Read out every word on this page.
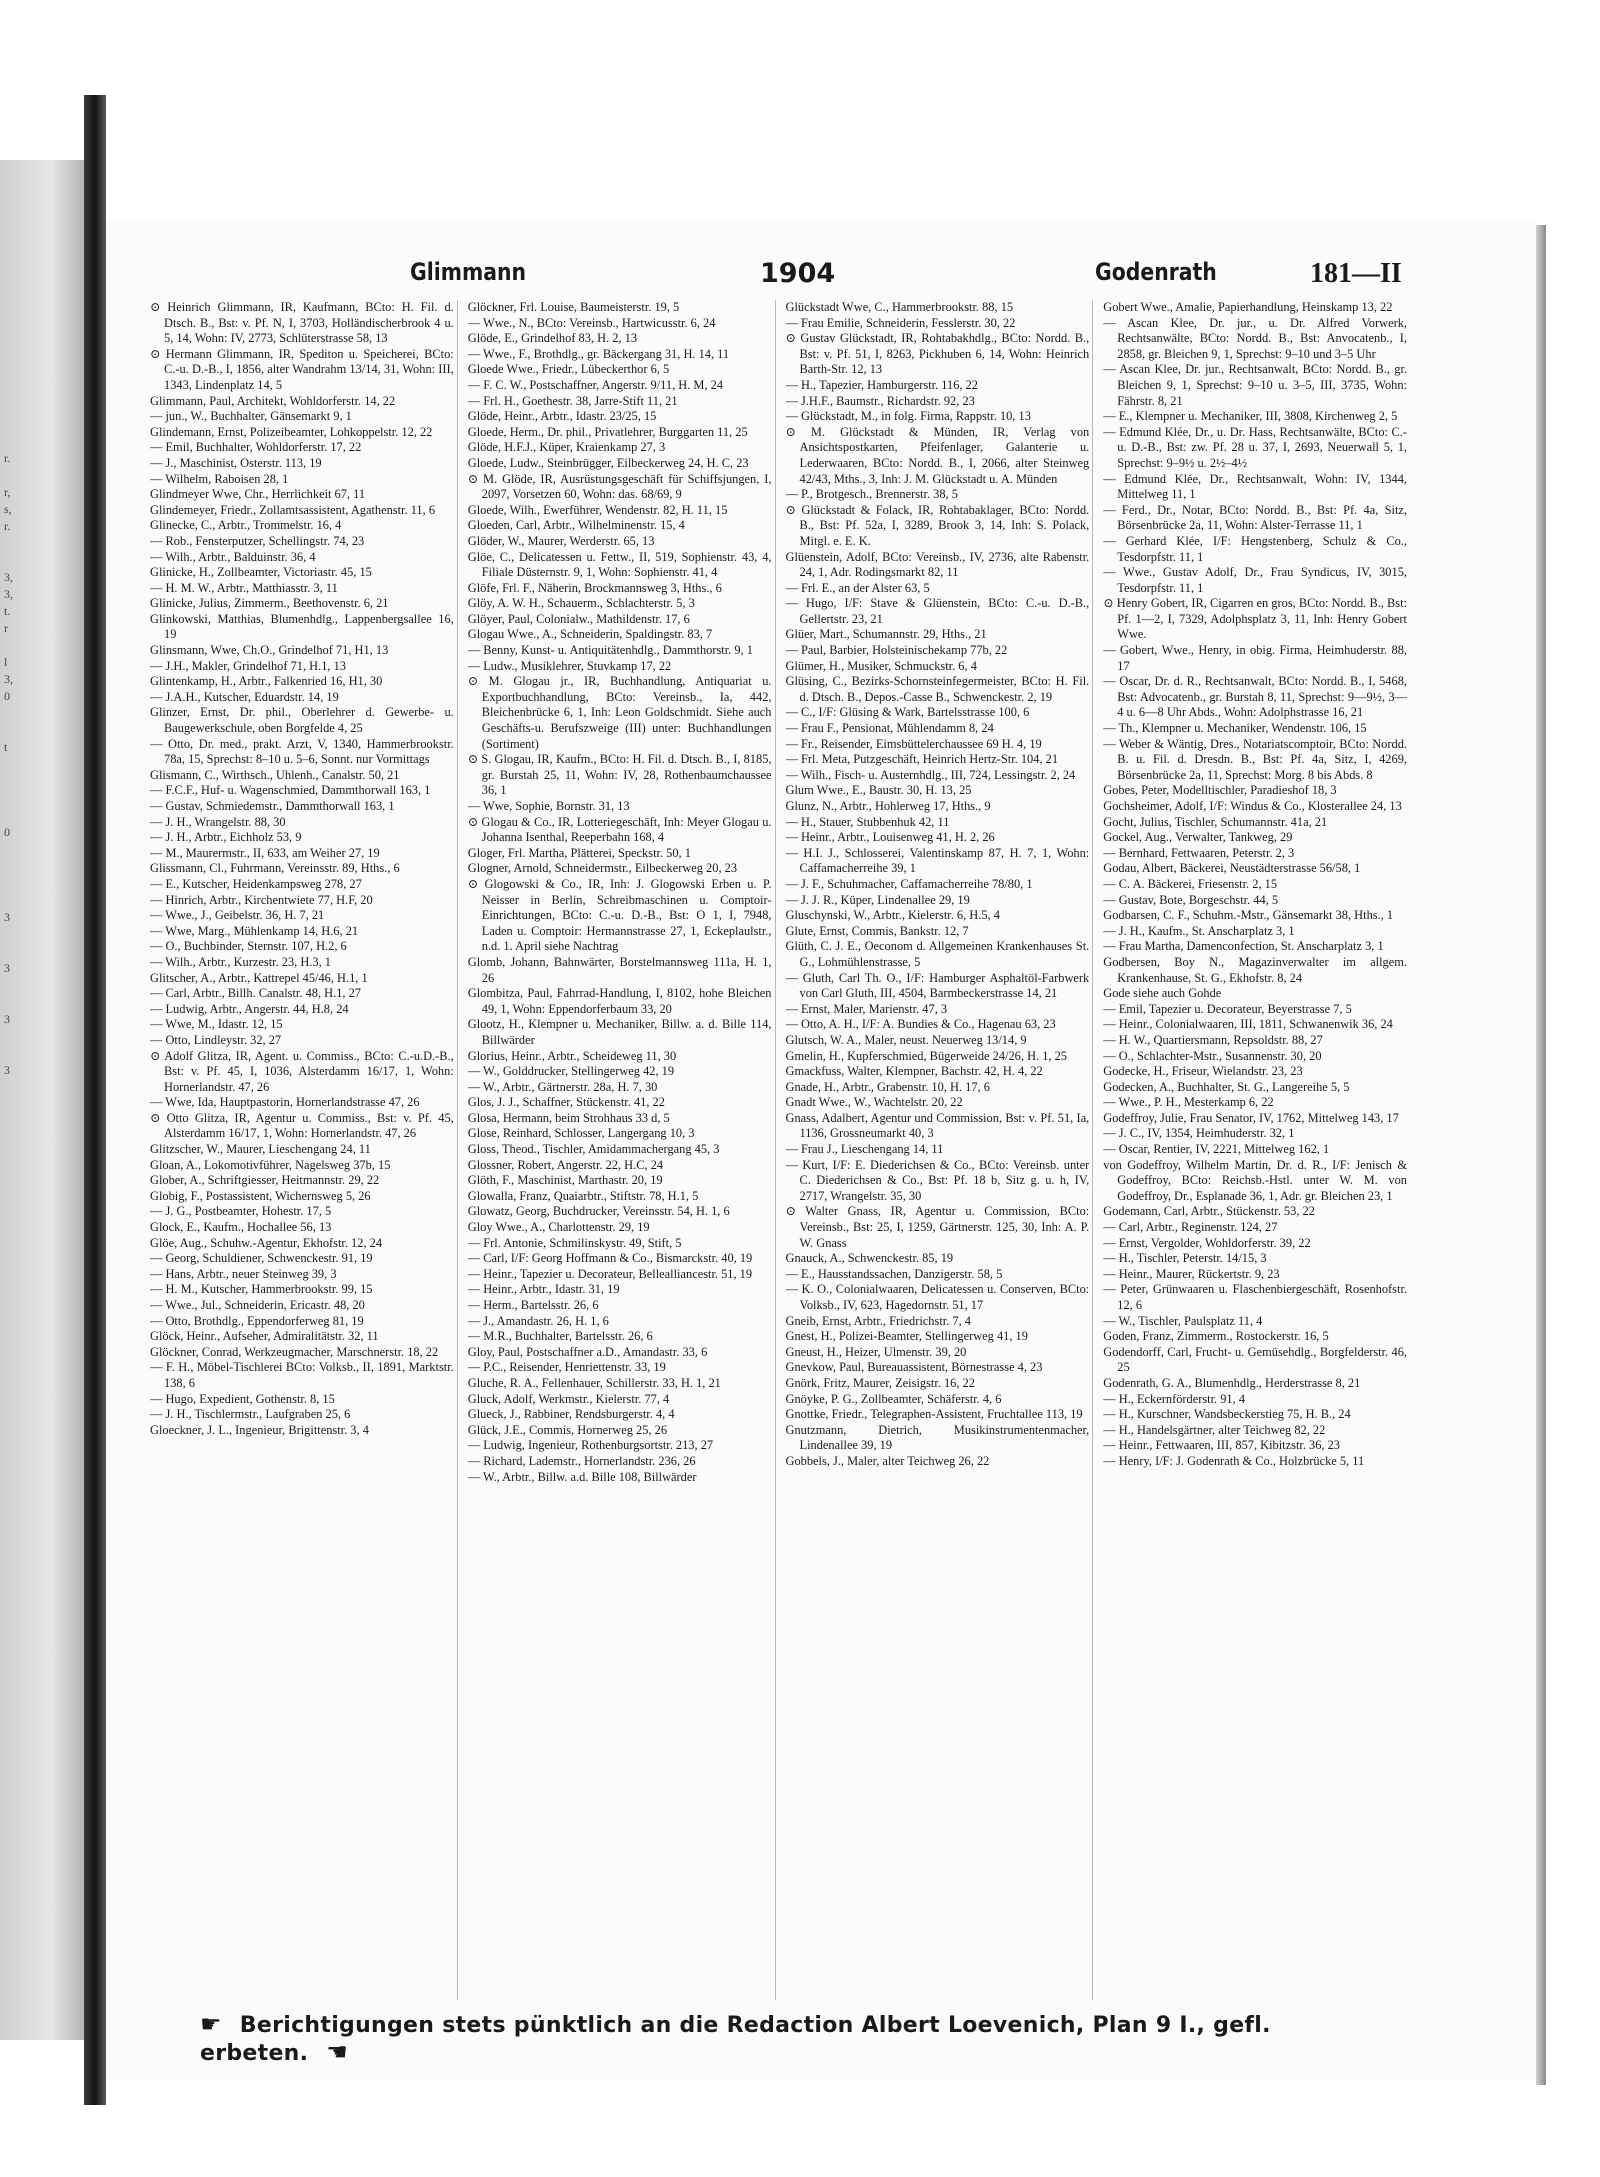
r.

r,
s,
r.

3,
3,
t.
r

l
3,
0

t

0

3

3

3

3
Glimmann	1904	Godenrath	181—II

⊙ Heinrich Glimmann, IR, Kaufmann, BCto: H. Fil. d. Dtsch. B., Bst: v. Pf. N, I, 3703, Holländischerbrook 4 u. 5, 14, Wohn: IV, 2773, Schlüterstrasse 58, 13

⊙ Hermann Glimmann, IR, Spediton u. Speicherei, BCto: C.-u. D.-B., I, 1856, alter Wandrahm 13/14, 31, Wohn: III, 1343, Lindenplatz 14, 5

Glimmann, Paul, Architekt, Wohldorferstr. 14, 22

— jun., W., Buchhalter, Gänsemarkt 9, 1

Glindemann, Ernst, Polizeibeamter, Lohkoppelstr. 12, 22

— Emil, Buchhalter, Wohldorferstr. 17, 22

— J., Maschinist, Osterstr. 113, 19

— Wilhelm, Raboisen 28, 1

Glindmeyer Wwe, Chr., Herrlichkeit 67, 11

Glindemeyer, Friedr., Zollamtsassistent, Agathenstr. 11, 6

Glinecke, C., Arbtr., Trommelstr. 16, 4

— Rob., Fensterputzer, Schellingstr. 74, 23

— Wilh., Arbtr., Balduinstr. 36, 4

Glinicke, H., Zollbeamter, Victoriastr. 45, 15

— H. M. W., Arbtr., Matthiasstr. 3, 11

Glinicke, Julius, Zimmerm., Beethovenstr. 6, 21

Glinkowski, Matthias, Blumenhdlg., Lappenbergsallee 16, 19

Glinsmann, Wwe, Ch.O., Grindelhof 71, H1, 13

— J.H., Makler, Grindelhof 71, H.1, 13

Glintenkamp, H., Arbtr., Falkenried 16, H1, 30

— J.A.H., Kutscher, Eduardstr. 14, 19

Glinzer, Ernst, Dr. phil., Oberlehrer d. Gewerbe- u. Baugewerkschule, oben Borgfelde 4, 25

— Otto, Dr. med., prakt. Arzt, V, 1340, Hammerbrookstr. 78a, 15, Sprechst: 8–10 u. 5–6, Sonnt. nur Vormittags

Glismann, C., Wirthsch., Uhlenh., Canalstr. 50, 21

— F.C.F., Huf- u. Wagenschmied, Dammthorwall 163, 1

— Gustav, Schmiedemstr., Dammthorwall 163, 1

— J. H., Wrangelstr. 88, 30

— J. H., Arbtr., Eichholz 53, 9

— M., Maurermstr., II, 633, am Weiher 27, 19

Glissmann, Cl., Fuhrmann, Vereinsstr. 89, Hths., 6

— E., Kutscher, Heidenkampsweg 278, 27

— Hinrich, Arbtr., Kirchentwiete 77, H.F, 20

— Wwe., J., Geibelstr. 36, H. 7, 21

— Wwe, Marg., Mühlenkamp 14, H.6, 21

— O., Buchbinder, Sternstr. 107, H.2, 6

— Wilh., Arbtr., Kurzestr. 23, H.3, 1

Glitscher, A., Arbtr., Kattrepel 45/46, H.1, 1

— Carl, Arbtr., Billh. Canalstr. 48, H.1, 27

— Ludwig, Arbtr., Angerstr. 44, H.8, 24

— Wwe, M., Idastr. 12, 15

— Otto, Lindleystr. 32, 27

⊙ Adolf Glitza, IR, Agent. u. Commiss., BCto: C.-u.D.-B., Bst: v. Pf. 45, I, 1036, Alsterdamm 16/17, 1, Wohn: Hornerlandstr. 47, 26

— Wwe, Ida, Hauptpastorin, Hornerlandstrasse 47, 26

⊙ Otto Glitza, IR, Agentur u. Commiss., Bst: v. Pf. 45, Alsterdamm 16/17, 1, Wohn: Hornerlandstr. 47, 26

Glitzscher, W., Maurer, Lieschengang 24, 11

Gloan, A., Lokomotivführer, Nagelsweg 37b, 15

Glober, A., Schriftgiesser, Heitmannstr. 29, 22

Globig, F., Postassistent, Wichernsweg 5, 26

— J. G., Postbeamter, Hohestr. 17, 5

Glock, E., Kaufm., Hochallee 56, 13

Glöe, Aug., Schuhw.-Agentur, Ekhofstr. 12, 24

— Georg, Schuldiener, Schwenckestr. 91, 19

— Hans, Arbtr., neuer Steinweg 39, 3

— H. M., Kutscher, Hammerbrookstr. 99, 15

— Wwe., Jul., Schneiderin, Ericastr. 48, 20

— Otto, Brothdlg., Eppendorferweg 81, 19

Glöck, Heinr., Aufseher, Admiralitätstr. 32, 11

Glöckner, Conrad, Werkzeugmacher, Marschnerstr. 18, 22

— F. H., Möbel-Tischlerei BCto: Volksb., II, 1891, Marktstr. 138, 6

— Hugo, Expedient, Gothenstr. 8, 15

— J. H., Tischlermstr., Laufgraben 25, 6

Gloeckner, J. L., Ingenieur, Brigittenstr. 3, 4

Glöckner, Frl. Louise, Baumeisterstr. 19, 5

— Wwe., N., BCto: Vereinsb., Hartwicusstr. 6, 24

Glöde, E., Grindelhof 83, H. 2, 13

— Wwe., F., Brothdlg., gr. Bäckergang 31, H. 14, 11

Gloede Wwe., Friedr., Lübeckerthor 6, 5

— F. C. W., Postschaffner, Angerstr. 9/11, H. M, 24

— Frl. H., Goethestr. 38, Jarre-Stift 11, 21

Glöde, Heinr., Arbtr., Idastr. 23/25, 15

Gloede, Herm., Dr. phil., Privatlehrer, Burggarten 11, 25

Glöde, H.F.J., Küper, Kraienkamp 27, 3

Gloede, Ludw., Steinbrügger, Eilbeckerweg 24, H. C, 23

⊙ M. Glöde, IR, Ausrüstungsgeschäft für Schiffsjungen, I, 2097, Vorsetzen 60, Wohn: das. 68/69, 9

Gloede, Wilh., Ewerführer, Wendenstr. 82, H. 11, 15

Gloeden, Carl, Arbtr., Wilhelminenstr. 15, 4

Glöder, W., Maurer, Werderstr. 65, 13

Glöe, C., Delicatessen u. Fettw., II, 519, Sophienstr. 43, 4, Filiale Düsternstr. 9, 1, Wohn: Sophienstr. 41, 4

Glöfe, Frl. F., Näherin, Brockmannsweg 3, Hths., 6

Glöy, A. W. H., Schauerm., Schlachterstr. 5, 3

Glöyer, Paul, Colonialw., Mathildenstr. 17, 6

Glogau Wwe., A., Schneiderin, Spaldingstr. 83, 7

— Benny, Kunst- u. Antiquitätenhdlg., Dammthorstr. 9, 1

— Ludw., Musiklehrer, Stuvkamp 17, 22

⊙ M. Glogau jr., IR, Buchhandlung, Antiquariat u. Exportbuchhandlung, BCto: Vereinsb., Ia, 442, Bleichenbrücke 6, 1, Inh: Leon Goldschmidt. Siehe auch Geschäfts-u. Berufszweige (III) unter: Buchhandlungen (Sortiment)

⊙ S. Glogau, IR, Kaufm., BCto: H. Fil. d. Dtsch. B., I, 8185, gr. Burstah 25, 11, Wohn: IV, 28, Rothenbaumchaussee 36, 1

— Wwe, Sophie, Bornstr. 31, 13

⊙ Glogau & Co., IR, Lotteriegeschäft, Inh: Meyer Glogau u. Johanna Isenthal, Reeperbahn 168, 4

Gloger, Frl. Martha, Plätterei, Speckstr. 50, 1

Glogner, Arnold, Schneidermstr., Eilbeckerweg 20, 23

⊙ Glogowski & Co., IR, Inh: J. Glogowski Erben u. P. Neisser in Berlin, Schreibmaschinen u. Comptoir-Einrichtungen, BCto: C.-u. D.-B., Bst: O 1, I, 7948, Laden u. Comptoir: Hermannstrasse 27, 1, Eckeplaulstr., n.d. 1. April siehe Nachtrag

Glomb, Johann, Bahnwärter, Borstelmannsweg 111a, H. 1, 26

Glombitza, Paul, Fahrrad-Handlung, I, 8102, hohe Bleichen 49, 1, Wohn: Eppendorferbaum 33, 20

Glootz, H., Klempner u. Mechaniker, Billw. a. d. Bille 114, Billwärder

Glorius, Heinr., Arbtr., Scheideweg 11, 30

— W., Golddrucker, Stellingerweg 42, 19

— W., Arbtr., Gärtnerstr. 28a, H. 7, 30

Glos, J. J., Schaffner, Stückenstr. 41, 22

Glosa, Hermann, beim Strohhaus 33 d, 5

Glose, Reinhard, Schlosser, Langergang 10, 3

Gloss, Theod., Tischler, Amidammachergang 45, 3

Glossner, Robert, Angerstr. 22, H.C, 24

Glöth, F., Maschinist, Marthastr. 20, 19

Glowalla, Franz, Quaiarbtr., Stiftstr. 78, H.1, 5

Glowatz, Georg, Buchdrucker, Vereinsstr. 54, H. 1, 6

Gloy Wwe., A., Charlottenstr. 29, 19

— Frl. Antonie, Schmilinskystr. 49, Stift, 5

— Carl, I/F: Georg Hoffmann & Co., Bismarckstr. 40, 19

— Heinr., Tapezier u. Decorateur, Bellealliancestr. 51, 19

— Heinr., Arbtr., Idastr. 31, 19

— Herm., Bartelsstr. 26, 6

— J., Amandastr. 26, H. 1, 6

— M.R., Buchhalter, Bartelsstr. 26, 6

Gloy, Paul, Postschaffner a.D., Amandastr. 33, 6

— P.C., Reisender, Henriettenstr. 33, 19

Gluche, R. A., Fellenhauer, Schillerstr. 33, H. 1, 21

Gluck, Adolf, Werkmstr., Kielerstr. 77, 4

Glueck, J., Rabbiner, Rendsburgerstr. 4, 4

Glück, J.E., Commis, Hornerweg 25, 26

— Ludwig, Ingenieur, Rothenburgsortstr. 213, 27

— Richard, Lademstr., Hornerlandstr. 236, 26

— W., Arbtr., Billw. a.d. Bille 108, Billwärder

Glückstadt Wwe, C., Hammerbrookstr. 88, 15

— Frau Emilie, Schneiderin, Fesslerstr. 30, 22

⊙ Gustav Glückstadt, IR, Rohtabakhdlg., BCto: Nordd. B., Bst: v. Pf. 51, I, 8263, Pickhuben 6, 14, Wohn: Heinrich Barth-Str. 12, 13

— H., Tapezier, Hamburgerstr. 116, 22

— J.H.F., Baumstr., Richardstr. 92, 23

— Glückstadt, M., in folg. Firma, Rappstr. 10, 13

⊙ M. Glückstadt & Münden, IR, Verlag von Ansichtspostkarten, Pfeifenlager, Galanterie u. Lederwaaren, BCto: Nordd. B., I, 2066, alter Steinweg 42/43, Mths., 3, Inh: J. M. Glückstadt u. A. Münden

— P., Brotgesch., Brennerstr. 38, 5

⊙ Glückstadt & Folack, IR, Rohtabaklager, BCto: Nordd. B., Bst: Pf. 52a, I, 3289, Brook 3, 14, Inh: S. Polack, Mitgl. e. E. K.

Glüenstein, Adolf, BCto: Vereinsb., IV, 2736, alte Rabenstr. 24, 1, Adr. Rodingsmarkt 82, 11

— Frl. E., an der Alster 63, 5

— Hugo, I/F: Stave & Glüenstein, BCto: C.-u. D.-B., Gellertstr. 23, 21

Glüer, Mart., Schumannstr. 29, Hths., 21

— Paul, Barbier, Holsteinischekamp 77b, 22

Glümer, H., Musiker, Schmuckstr. 6, 4

Glüsing, C., Bezirks-Schornsteinfegermeister, BCto: H. Fil. d. Dtsch. B., Depos.-Casse B., Schwenckestr. 2, 19

— C., I/F: Glüsing & Wark, Bartelsstrasse 100, 6

— Frau F., Pensionat, Mühlendamm 8, 24

— Fr., Reisender, Eimsbüttelerchaussee 69 H. 4, 19

— Frl. Meta, Putzgeschäft, Heinrich Hertz-Str. 104, 21

— Wilh., Fisch- u. Austernhdlg., III, 724, Lessingstr. 2, 24

Glum Wwe., E., Baustr. 30, H. 13, 25

Glunz, N., Arbtr., Hohlerweg 17, Hths., 9

— H., Stauer, Stubbenhuk 42, 11

— Heinr., Arbtr., Louisenweg 41, H. 2, 26

— H.I. J., Schlosserei, Valentinskamp 87, H. 7, 1, Wohn: Caffamacherreihe 39, 1

— J. F., Schuhmacher, Caffamacherreihe 78/80, 1

— J. J. R., Küper, Lindenallee 29, 19

Gluschynski, W., Arbtr., Kielerstr. 6, H.5, 4

Glute, Ernst, Commis, Bankstr. 12, 7

Glüth, C. J. E., Oeconom d. Allgemeinen Krankenhauses St. G., Lohmühlenstrasse, 5

— Gluth, Carl Th. O., I/F: Hamburger Asphaltöl-Farbwerk von Carl Gluth, III, 4504, Barmbeckerstrasse 14, 21

— Ernst, Maler, Marienstr. 47, 3

— Otto, A. H., I/F: A. Bundies & Co., Hagenau 63, 23

Glutsch, W. A., Maler, neust. Neuerweg 13/14, 9

Gmelin, H., Kupferschmied, Bügerweide 24/26, H. 1, 25

Gmackfuss, Walter, Klempner, Bachstr. 42, H. 4, 22

Gnade, H., Arbtr., Grabenstr. 10, H. 17, 6

Gnadt Wwe., W., Wachtelstr. 20, 22

Gnass, Adalbert, Agentur und Commission, Bst: v. Pf. 51, Ia, 1136, Grossneumarkt 40, 3

— Frau J., Lieschengang 14, 11

— Kurt, I/F: E. Diederichsen & Co., BCto: Vereinsb. unter C. Diederichsen & Co., Bst: Pf. 18 b, Sitz g. u. h, IV, 2717, Wrangelstr. 35, 30

⊙ Walter Gnass, IR, Agentur u. Commission, BCto: Vereinsb., Bst: 25, I, 1259, Gärtnerstr. 125, 30, Inh: A. P. W. Gnass

Gnauck, A., Schwenckestr. 85, 19

— E., Hausstandssachen, Danzigerstr. 58, 5

— K. O., Colonialwaaren, Delicatessen u. Conserven, BCto: Volksb., IV, 623, Hagedornstr. 51, 17

Gneib, Ernst, Arbtr., Friedrichstr. 7, 4

Gnest, H., Polizei-Beamter, Stellingerweg 41, 19

Gneust, H., Heizer, Ulmenstr. 39, 20

Gnevkow, Paul, Bureauassistent, Börnestrasse 4, 23

Gnörk, Fritz, Maurer, Zeisigstr. 16, 22

Gnöyke, P. G., Zollbeamter, Schäferstr. 4, 6

Gnottke, Friedr., Telegraphen-Assistent, Fruchtallee 113, 19

Gnutzmann, Dietrich, Musikinstrumentenmacher, Lindenallee 39, 19

Gobbels, J., Maler, alter Teichweg 26, 22

Gobert Wwe., Amalie, Papierhandlung, Heinskamp 13, 22

— Ascan Klee, Dr. jur., u. Dr. Alfred Vorwerk, Rechtsanwälte, BCto: Nordd. B., Bst: Anvocatenb., I, 2858, gr. Bleichen 9, 1, Sprechst: 9–10 und 3–5 Uhr

— Ascan Klee, Dr. jur., Rechtsanwalt, BCto: Nordd. B., gr. Bleichen 9, 1, Sprechst: 9–10 u. 3–5, III, 3735, Wohn: Fährstr. 8, 21

— E., Klempner u. Mechaniker, III, 3808, Kirchenweg 2, 5

— Edmund Klée, Dr., u. Dr. Hass, Rechtsanwälte, BCto: C.- u. D.-B., Bst: zw. Pf. 28 u. 37, I, 2693, Neuerwall 5, 1, Sprechst: 9–9½ u. 2½–4½

— Edmund Klée, Dr., Rechtsanwalt, Wohn: IV, 1344, Mittelweg 11, 1

— Ferd., Dr., Notar, BCto: Nordd. B., Bst: Pf. 4a, Sitz, Börsenbrücke 2a, 11, Wohn: Alster-Terrasse 11, 1

— Gerhard Klée, I/F: Hengstenberg, Schulz & Co., Tesdorpfstr. 11, 1

— Wwe., Gustav Adolf, Dr., Frau Syndicus, IV, 3015, Tesdorpfstr. 11, 1

⊙ Henry Gobert, IR, Cigarren en gros, BCto: Nordd. B., Bst: Pf. 1—2, I, 7329, Adolphsplatz 3, 11, Inh: Henry Gobert Wwe.

— Gobert, Wwe., Henry, in obig. Firma, Heimhuderstr. 88, 17

— Oscar, Dr. d. R., Rechtsanwalt, BCto: Nordd. B., I, 5468, Bst: Advocatenb., gr. Burstah 8, 11, Sprechst: 9—9½, 3—4 u. 6—8 Uhr Abds., Wohn: Adolphstrasse 16, 21

— Th., Klempner u. Mechaniker, Wendenstr. 106, 15

— Weber & Wäntig, Dres., Notariatscomptoir, BCto: Nordd. B. u. Fil. d. Dresdn. B., Bst: Pf. 4a, Sitz, I, 4269, Börsenbrücke 2a, 11, Sprechst: Morg. 8 bis Abds. 8

Gobes, Peter, Modelltischler, Paradieshof 18, 3

Gochsheimer, Adolf, I/F: Windus & Co., Klosterallee 24, 13

Gocht, Julius, Tischler, Schumannstr. 41a, 21

Gockel, Aug., Verwalter, Tankweg, 29

— Bernhard, Fettwaaren, Peterstr. 2, 3

Godau, Albert, Bäckerei, Neustädterstrasse 56/58, 1

— C. A. Bäckerei, Friesenstr. 2, 15

— Gustav, Bote, Borgeschstr. 44, 5

Godbarsen, C. F., Schuhm.-Mstr., Gänsemarkt 38, Hths., 1

— J. H., Kaufm., St. Anscharplatz 3, 1

— Frau Martha, Damenconfection, St. Anscharplatz 3, 1

Godbersen, Boy N., Magazinverwalter im allgem. Krankenhause, St. G., Ekhofstr. 8, 24

Gode siehe auch Gohde

— Emil, Tapezier u. Decorateur, Beyerstrasse 7, 5

— Heinr., Colonialwaaren, III, 1811, Schwanenwik 36, 24

— H. W., Quartiersmann, Repsoldstr. 88, 27

— O., Schlachter-Mstr., Susannenstr. 30, 20

Godecke, H., Friseur, Wielandstr. 23, 23

Godecken, A., Buchhalter, St. G., Langereihe 5, 5

— Wwe., P. H., Mesterkamp 6, 22

Godeffroy, Julie, Frau Senator, IV, 1762, Mittelweg 143, 17

— J. C., IV, 1354, Heimhuderstr. 32, 1

— Oscar, Rentier, IV, 2221, Mittelweg 162, 1

von Godeffroy, Wilhelm Martin, Dr. d. R., I/F: Jenisch & Godeffroy, BCto: Reichsb.-Hstl. unter W. M. von Godeffroy, Dr., Esplanade 36, 1, Adr. gr. Bleichen 23, 1

Godemann, Carl, Arbtr., Stückenstr. 53, 22

— Carl, Arbtr., Reginenstr. 124, 27

— Ernst, Vergolder, Wohldorferstr. 39, 22

— H., Tischler, Peterstr. 14/15, 3

— Heinr., Maurer, Rückertstr. 9, 23

— Peter, Grünwaaren u. Flaschenbiergeschäft, Rosenhofstr. 12, 6

— W., Tischler, Paulsplatz 11, 4

Goden, Franz, Zimmerm., Rostockerstr. 16, 5

Godendorff, Carl, Frucht- u. Gemüsehdlg., Borgfelderstr. 46, 25

Godenrath, G. A., Blumenhdlg., Herderstrasse 8, 21

— H., Eckernförderstr. 91, 4

— H., Kurschner, Wandsbeckerstieg 75, H. B., 24

— H., Handelsgärtner, alter Teichweg 82, 22

— Heinr., Fettwaaren, III, 857, Kibitzstr. 36, 23

— Henry, I/F: J. Godenrath & Co., Holzbrücke 5, 11

☛ Berichtigungen stets pünktlich an die Redaction Albert Loevenich, Plan 9 I., gefl. erbeten. ☚
